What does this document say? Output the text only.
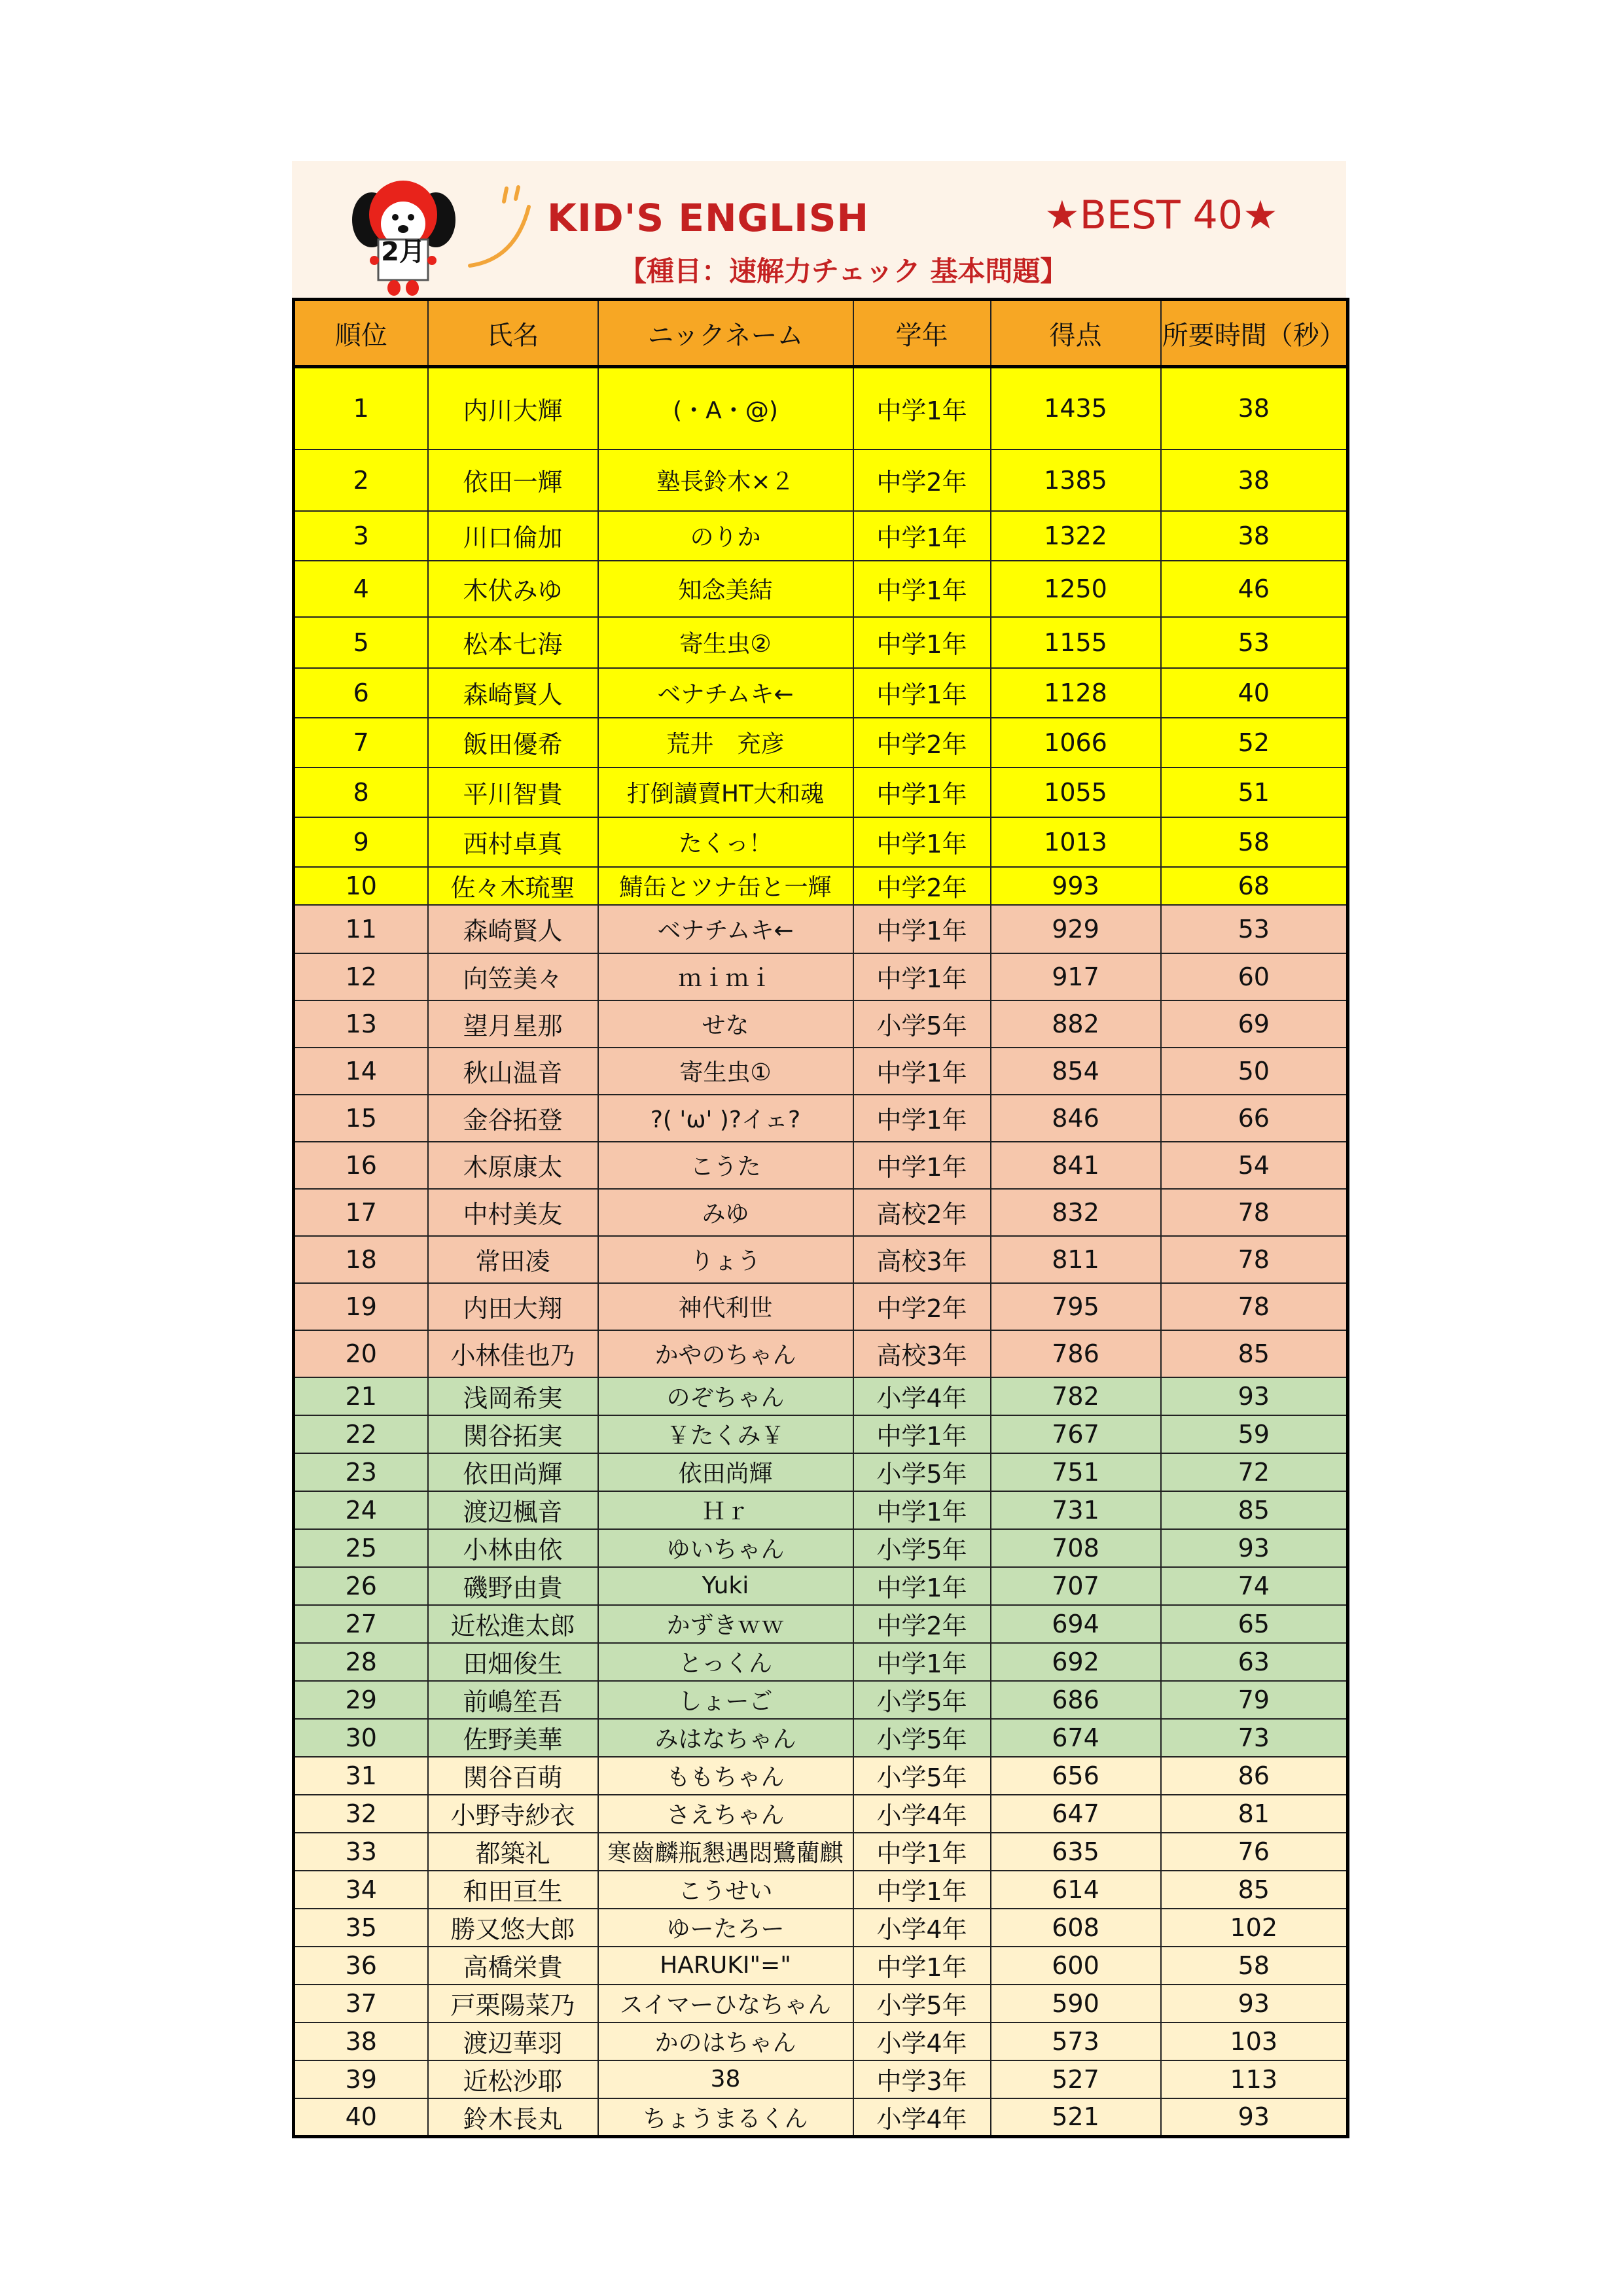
2月
KID'S ENGLISH	★BEST 40★
【種目：速解力チェック 基本問題】
順位	氏名	ニックネーム	学年	得点	所要時間（秒）
1	内川大輝	(・A・@)	中学1年	1435	38
2	依田一輝	塾長鈴木×２	中学2年	1385	38
3	川口倫加	のりか	中学1年	1322	38
4	木伏みゆ	知念美結	中学1年	1250	46
5	松本七海	寄生虫②	中学1年	1155	53
6	森崎賢人	ベナチムキ←	中学1年	1128	40
7	飯田優希	荒井　充彦	中学2年	1066	52
8	平川智貴	打倒讀賣HT大和魂	中学1年	1055	51
9	西村卓真	たくっ！	中学1年	1013	58
10	佐々木琉聖	鯖缶とツナ缶と一輝	中学2年	993	68
11	森崎賢人	ベナチムキ←	中学1年	929	53
12	向笠美々	ｍｉｍｉ	中学1年	917	60
13	望月星那	せな	小学5年	882	69
14	秋山温音	寄生虫①	中学1年	854	50
15	金谷拓登	?( 'ω' )?イェ?	中学1年	846	66
16	木原康太	こうた	中学1年	841	54
17	中村美友	みゆ	高校2年	832	78
18	常田凌	りょう	高校3年	811	78
19	内田大翔	神代利世	中学2年	795	78
20	小林佳也乃	かやのちゃん	高校3年	786	85
21	浅岡希実	のぞちゃん	小学4年	782	93
22	関谷拓実	￥たくみ￥	中学1年	767	59
23	依田尚輝	依田尚輝	小学5年	751	72
24	渡辺楓音	Ｈｒ	中学1年	731	85
25	小林由依	ゆいちゃん	小学5年	708	93
26	磯野由貴	Yuki	中学1年	707	74
27	近松進太郎	かずきｗｗ	中学2年	694	65
28	田畑俊生	とっくん	中学1年	692	63
29	前嶋笙吾	しょーご	小学5年	686	79
30	佐野美華	みはなちゃん	小学5年	674	73
31	関谷百萌	ももちゃん	小学5年	656	86
32	小野寺紗衣	さえちゃん	小学4年	647	81
33	都築礼	寒齒麟瓶懇遇悶鷺藺麒	中学1年	635	76
34	和田亘生	こうせい	中学1年	614	85
35	勝又悠大郎	ゆーたろー	小学4年	608	102
36	高橋栄貴	HARUKI"="	中学1年	600	58
37	戸栗陽菜乃	スイマーひなちゃん	小学5年	590	93
38	渡辺華羽	かのはちゃん	小学4年	573	103
39	近松沙耶	38	中学3年	527	113
40	鈴木長丸	ちょうまるくん	小学4年	521	93
